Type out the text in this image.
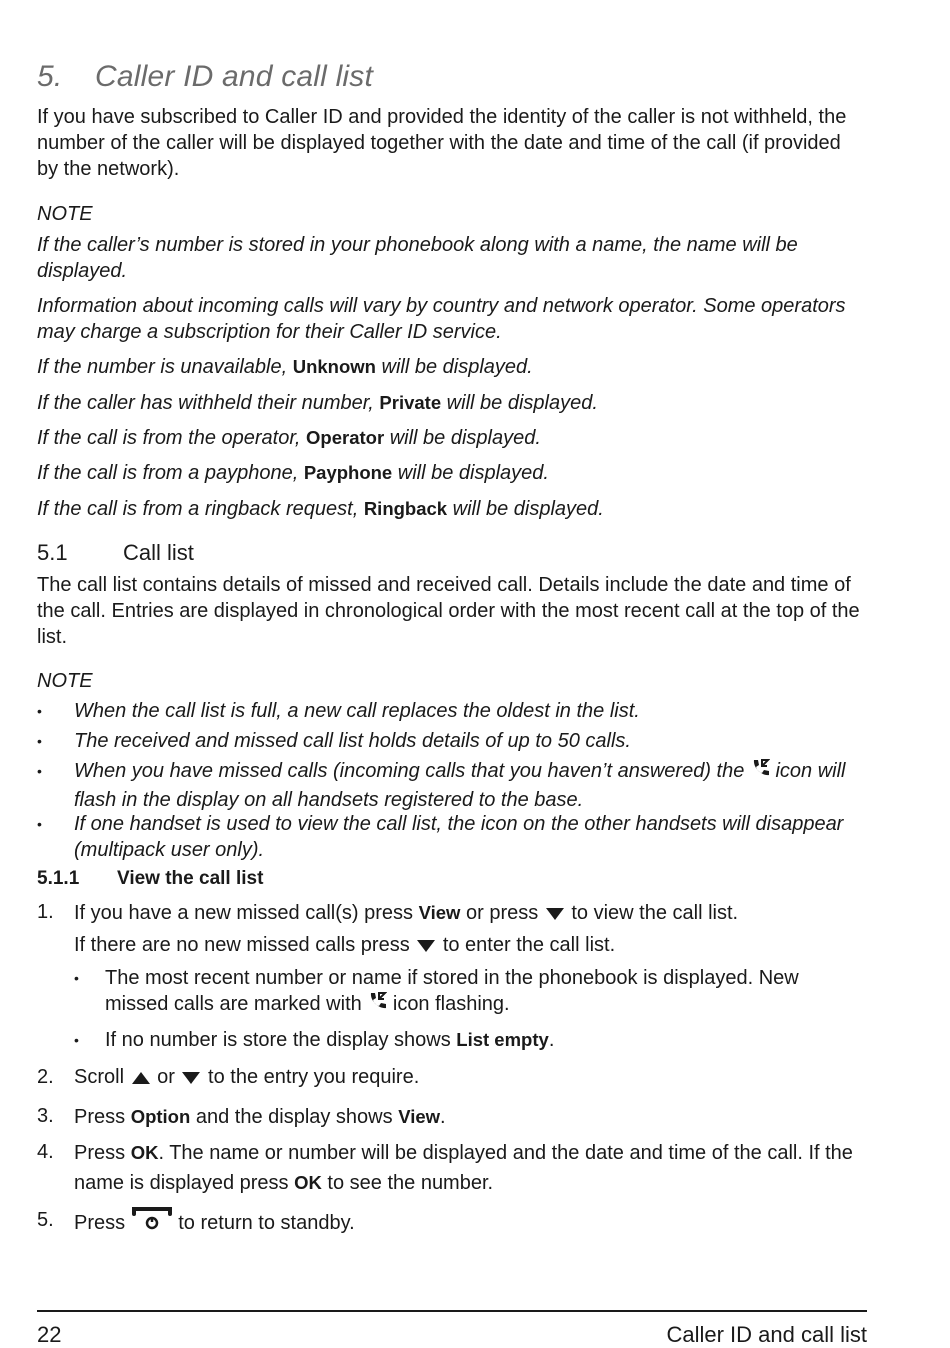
5. Caller ID and call list
If you have subscribed to Caller ID and provided the identity of the caller is not withheld, the number of the caller will be displayed together with the date and time of the call (if provided by the network).
NOTE
If the caller’s number is stored in your phonebook along with a name, the name will be displayed.
Information about incoming calls will vary by country and network operator. Some operators may charge a subscription for their Caller ID service.
If the number is unavailable, Unknown will be displayed.
If the caller has withheld their number, Private will be displayed.
If the call is from the operator, Operator will be displayed.
If the call is from a payphone, Payphone will be displayed.
If the call is from a ringback request, Ringback will be displayed.
5.1	Call list
The call list contains details of missed and received call. Details include the date and time of the call. Entries are displayed in chronological order with the most recent call at the top of the list.
NOTE
• When the call list is full, a new call replaces the oldest in the list.
• The received and missed call list holds details of up to 50 calls.
• When you have missed calls (incoming calls that you haven’t answered) the  icon will flash in the display on all handsets registered to the base.
• If one handset is used to view the call list, the icon on the other handsets will disappear (multipack user only).
5.1.1 View the call list
1. If you have a new missed call(s) press View or press  to view the call list.
If there are no new missed calls press  to enter the call list.
• The most recent number or name if stored in the phonebook is displayed. New missed calls are marked with  icon flashing.
• If no number is store the display shows List empty.
2. Scroll  or  to the entry you require.
3. Press Option and the display shows View.
4. Press OK. The name or number will be displayed and the date and time of the call. If the name is displayed press OK to see the number.
5. Press  to return to standby.
22	Caller ID and call list
